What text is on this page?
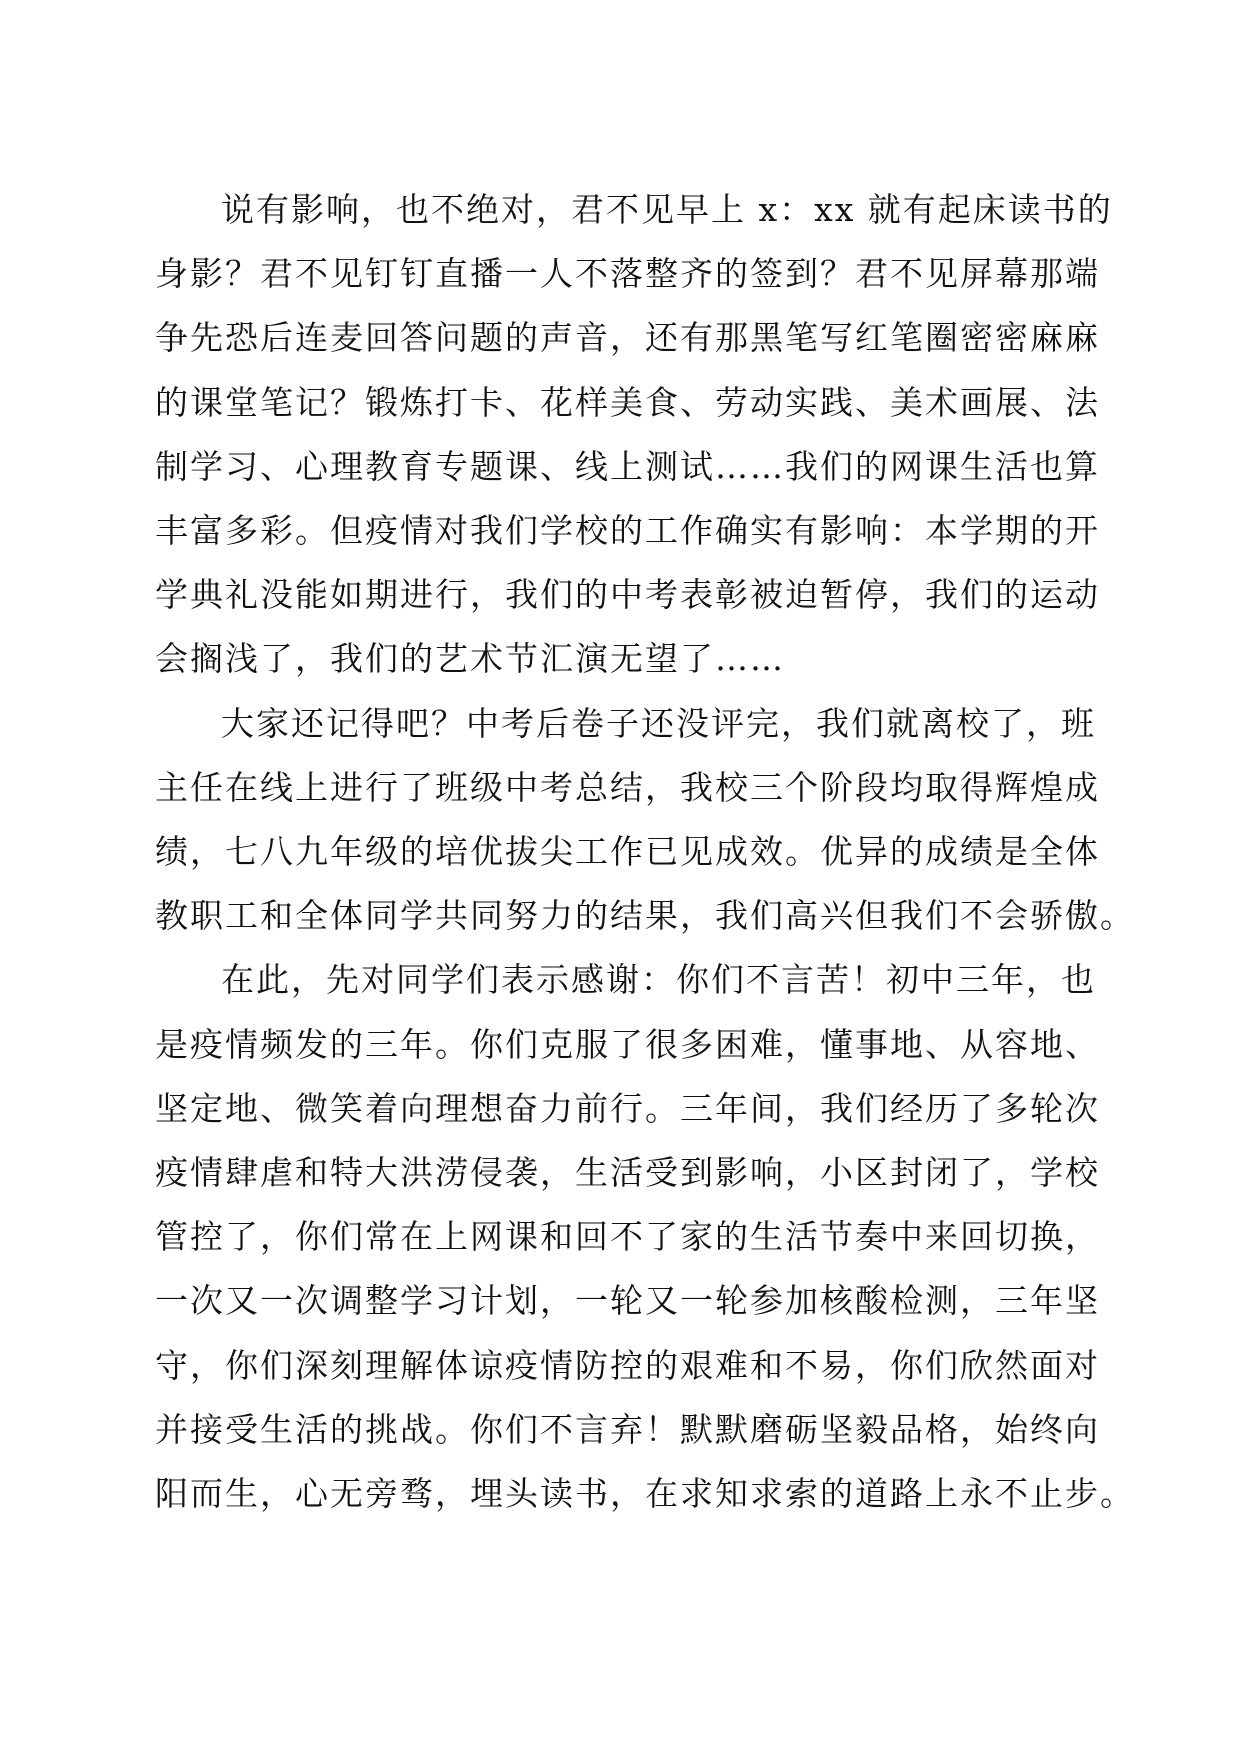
说有影响，也不绝对，君不见早上 x：xx 就有起床读书的
身影？君不见钉钉直播一人不落整齐的签到？君不见屏幕那端
争先恐后连麦回答问题的声音，还有那黑笔写红笔圈密密麻麻
的课堂笔记？锻炼打卡、花样美食、劳动实践、美术画展、法
制学习、心理教育专题课、线上测试……我们的网课生活也算
丰富多彩。但疫情对我们学校的工作确实有影响：本学期的开
学典礼没能如期进行，我们的中考表彰被迫暂停，我们的运动
会搁浅了，我们的艺术节汇演无望了……
大家还记得吧？中考后卷子还没评完，我们就离校了，班
主任在线上进行了班级中考总结，我校三个阶段均取得辉煌成
绩，七八九年级的培优拔尖工作已见成效。优异的成绩是全体
教职工和全体同学共同努力的结果，我们高兴但我们不会骄傲。
在此，先对同学们表示感谢：你们不言苦！初中三年，也
是疫情频发的三年。你们克服了很多困难，懂事地、从容地、
坚定地、微笑着向理想奋力前行。三年间，我们经历了多轮次
疫情肆虐和特大洪涝侵袭，生活受到影响，小区封闭了，学校
管控了，你们常在上网课和回不了家的生活节奏中来回切换，
一次又一次调整学习计划，一轮又一轮参加核酸检测，三年坚
守，你们深刻理解体谅疫情防控的艰难和不易，你们欣然面对
并接受生活的挑战。你们不言弃！默默磨砺坚毅品格，始终向
阳而生，心无旁骛，埋头读书，在求知求索的道路上永不止步。
